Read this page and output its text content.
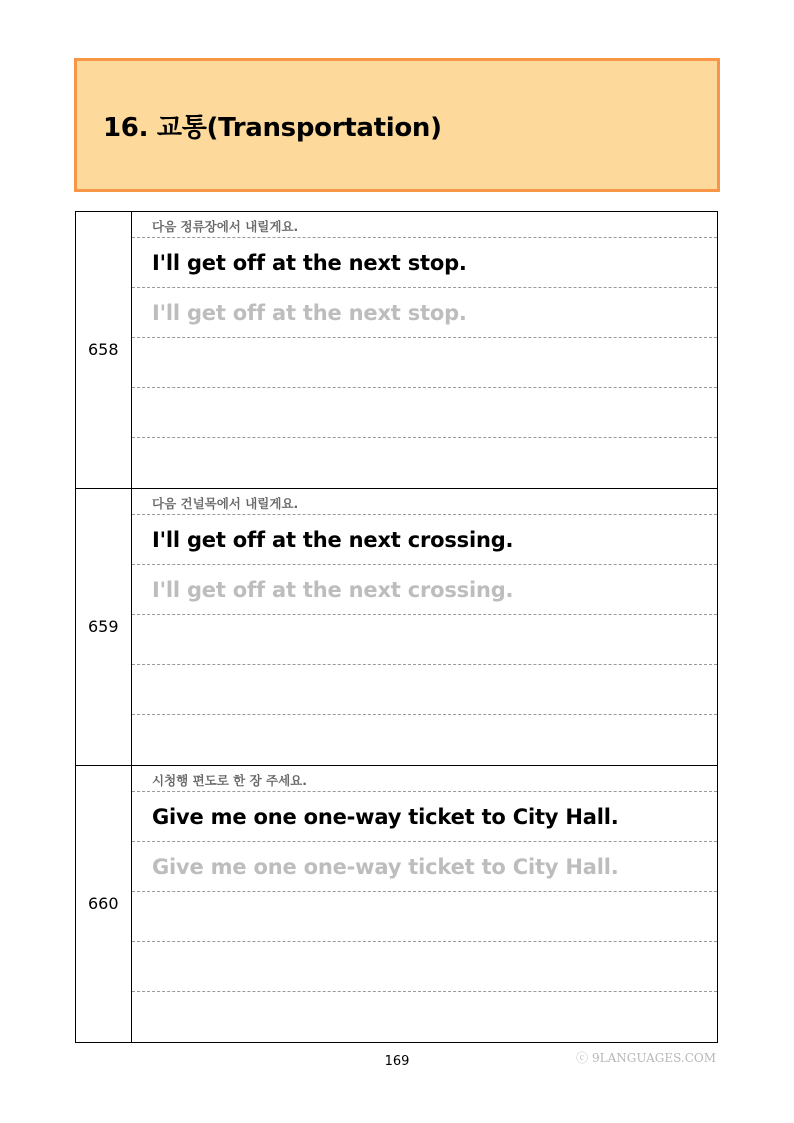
16. 교통(Transportation)
658
다음 정류장에서 내릴게요.
I'll get off at the next stop.
I'll get off at the next stop.
659
다음 건널목에서 내릴게요.
I'll get off at the next crossing.
I'll get off at the next crossing.
660
시청행 편도로 한 장 주세요.
Give me one one-way ticket to City Hall.
Give me one one-way ticket to City Hall.
169	ⓒ 9LANGUAGES.COM
